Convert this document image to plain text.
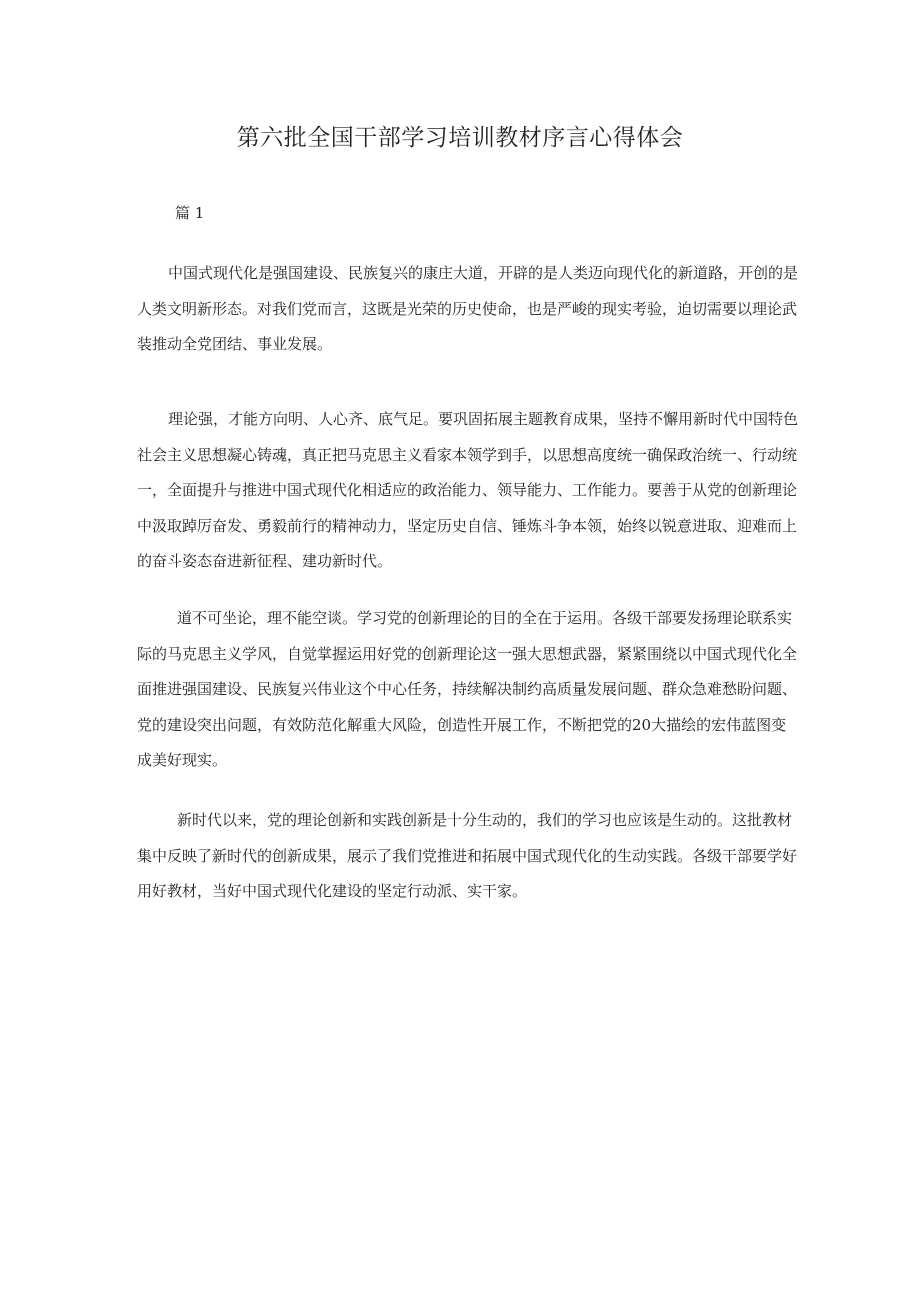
第六批全国干部学习培训教材序言心得体会
篇 1
中国式现代化是强国建设、民族复兴的康庄大道，开辟的是人类迈向现代化的新道路，开创的是
人类文明新形态。对我们党而言，这既是光荣的历史使命，也是严峻的现实考验，迫切需要以理论武
装推动全党团结、事业发展。
理论强，才能方向明、人心齐、底气足。要巩固拓展主题教育成果，坚持不懈用新时代中国特色
社会主义思想凝心铸魂，真正把马克思主义看家本领学到手，以思想高度统一确保政治统一、行动统
一，全面提升与推进中国式现代化相适应的政治能力、领导能力、工作能力。要善于从党的创新理论
中汲取踔厉奋发、勇毅前行的精神动力，坚定历史自信、锤炼斗争本领，始终以锐意进取、迎难而上
的奋斗姿态奋进新征程、建功新时代。
道不可坐论，理不能空谈。学习党的创新理论的目的全在于运用。各级干部要发扬理论联系实
际的马克思主义学风，自觉掌握运用好党的创新理论这一强大思想武器，紧紧围绕以中国式现代化全
面推进强国建设、民族复兴伟业这个中心任务，持续解决制约高质量发展问题、群众急难愁盼问题、
党的建设突出问题，有效防范化解重大风险，创造性开展工作，不断把党的20大描绘的宏伟蓝图变
成美好现实。
新时代以来，党的理论创新和实践创新是十分生动的，我们的学习也应该是生动的。这批教材
集中反映了新时代的创新成果，展示了我们党推进和拓展中国式现代化的生动实践。各级干部要学好
用好教材，当好中国式现代化建设的坚定行动派、实干家。
